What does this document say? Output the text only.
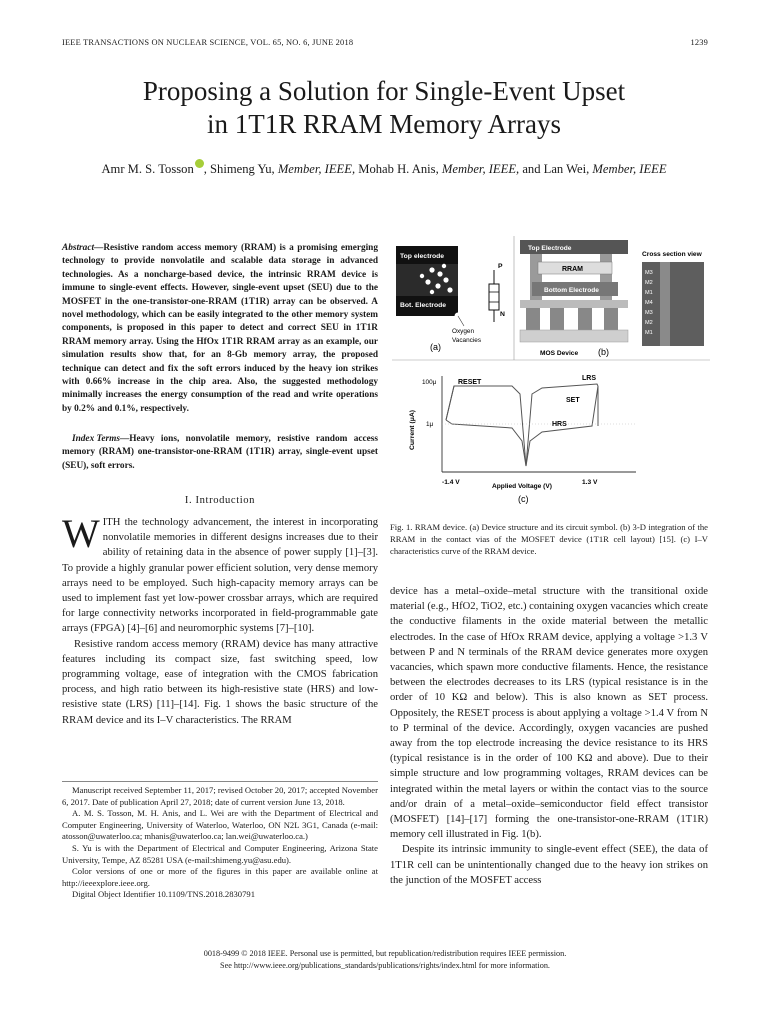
IEEE TRANSACTIONS ON NUCLEAR SCIENCE, VOL. 65, NO. 6, JUNE 2018	1239
Proposing a Solution for Single-Event Upset
in 1T1R RRAM Memory Arrays
Amr M. S. Tosson , Shimeng Yu, Member, IEEE, Mohab H. Anis, Member, IEEE, and Lan Wei, Member, IEEE
Abstract—Resistive random access memory (RRAM) is a promising emerging technology to provide nonvolatile and scalable data storage in advanced technologies. As a noncharge-based device, the intrinsic RRAM device is immune to single-event effects. However, single-event upset (SEU) due to the MOSFET in the one-transistor-one-RRAM (1T1R) array can be observed. A novel methodology, which can be easily integrated to the other memory system components, is proposed in this paper to detect and correct SEU in 1T1R RRAM memory array. Using the HfOx 1T1R RRAM array as an example, our simulation results show that, for an 8-Gb memory array, the proposed technique can detect and fix the soft errors induced by the heavy ion strikes with 0.66% increase in the chip area. Also, the suggested methodology minimally increases the energy consumption of the read and write operations by 0.2% and 0.1%, respectively.
Index Terms—Heavy ions, nonvolatile memory, resistive random access memory (RRAM) one-transistor-one-RRAM (1T1R) array, single-event upset (SEU), soft errors.
I. Introduction

WITH the technology advancement, the interest in incorporating nonvolatile memories in different designs increases due to their ability of retaining data in the absence of power supply [1]–[3]. To provide a highly granular power efficient solution, very dense memory arrays need to be employed. Such high-capacity memory arrays can be used to implement fast yet low-power crossbar arrays, which are required for large connectivity networks incorporated in field-programmable gate arrays (FPGA) [4]–[6] and neuromorphic systems [7]–[10].

Resistive random access memory (RRAM) device has many attractive features including its compact size, fast switching speed, low programming voltage, ease of integration with the CMOS fabrication process, and high ratio between its high-resistive state (HRS) and low-resistive state (LRS) [11]–[14]. Fig. 1 shows the basic structure of the RRAM device and its I–V characteristics. The RRAM

Manuscript received September 11, 2017; revised October 20, 2017; accepted November 6, 2017. Date of publication April 27, 2018; date of current version June 13, 2018.

A. M. S. Tosson, M. H. Anis, and L. Wei are with the Department of Electrical and Computer Engineering, University of Waterloo, Waterloo, ON N2L 3G1, Canada (e-mail: atosson@uwaterloo.ca; mhanis@uwaterloo.ca; lan.wei@uwaterloo.ca.)

S. Yu is with the Department of Electrical and Computer Engineering, Arizona State University, Tempe, AZ 85281 USA (e-mail:shimeng.yu@asu.edu).

Color versions of one or more of the figures in this paper are available online at http://ieeexplore.ieee.org.

Digital Object Identifier 10.1109/TNS.2018.2830791

Top electrode
Bot. Electrode
Oxygen
Vacancies
P
N
(a)
Top Electrode
RRAM
Bottom Electrode
MOS Device (b)
Cross section view
M3
M2
M1
M4
M3
M2
M1
Current (μA)
100μ
1μ
RESET
LRS
SET
HRS
-1.4 V
Applied Voltage (V)
1.3 V
(c)
Fig. 1. RRAM device. (a) Device structure and its circuit symbol. (b) 3-D integration of the RRAM in the contact vias of the MOSFET device (1T1R cell layout) [15]. (c) I–V characteristics curve of the RRAM device.

device has a metal–oxide–metal structure with the transitional oxide material (e.g., HfO2, TiO2, etc.) containing oxygen vacancies which create the conductive filaments in the oxide material between the metallic electrodes. In the case of HfOx RRAM device, applying a voltage >1.3 V between P and N terminals of the RRAM device generates more oxygen vacancies, which spawn more conductive filaments. Hence, the resistance between the electrodes decreases to its LRS (typical resistance is in the order of 10 KΩ and below). This is also known as SET process. Oppositely, the RESET process is about applying a voltage >1.4 V from N to P terminal of the device. Accordingly, oxygen vacancies are pushed away from the top electrode increasing the device resistance to its HRS (typical resistance is in the order of 100 KΩ and above). Due to their simple structure and low programming voltages, RRAM devices can be integrated within the metal layers or within the contact vias to the source and/or drain of a metal–oxide–semiconductor field effect transistor (MOSFET) [14]–[17] forming the one-transistor-one-RRAM (1T1R) memory cell illustrated in Fig. 1(b).

Despite its intrinsic immunity to single-event effect (SEE), the data of 1T1R cell can be unintentionally changed due to the heavy ion strikes on the junction of the MOSFET access

0018-9499 © 2018 IEEE. Personal use is permitted, but republication/redistribution requires IEEE permission.
See http://www.ieee.org/publications_standards/publications/rights/index.html for more information.
